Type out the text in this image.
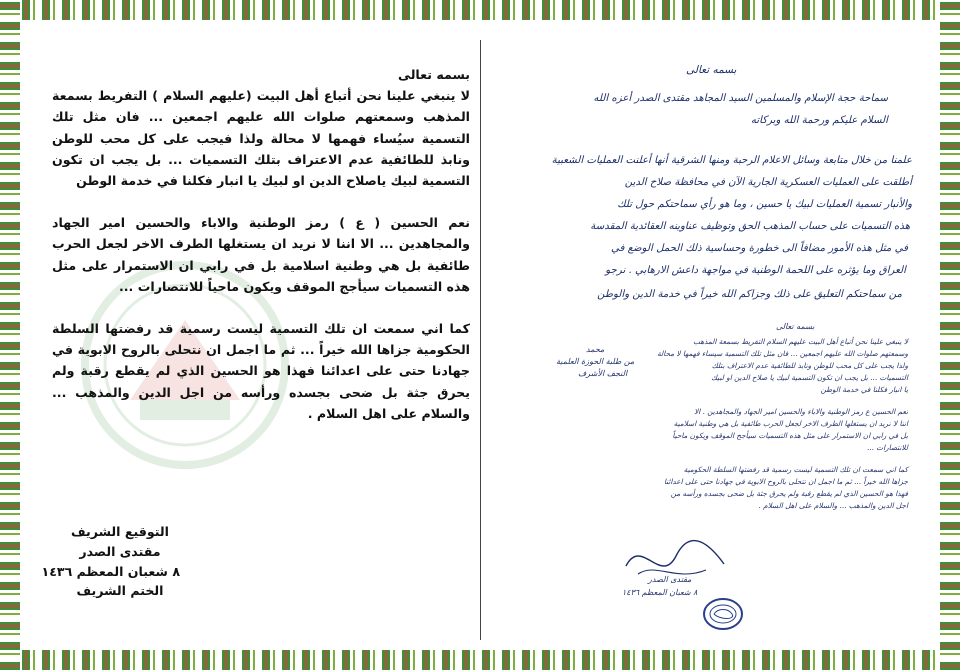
بسمه تعالى

لا ينبغي علينا نحن أتباع أهل البيت (عليهم السلام ) التفريط بسمعة المذهب وسمعتهم صلوات الله عليهم اجمعين ... فان مثل تلك التسمية سيُساء فهمها لا محالة ولذا فيجب على كل محب للوطن ونابذ للطائفية عدم الاعتراف بتلك التسميات ... بل يجب ان تكون التسمية لبيك ياصلاح الدين او لبيك يا انبار فكلنا في خدمة الوطن

نعم الحسين ( ع ) رمز الوطنية والاباء والحسين امير الجهاد والمجاهدين ... الا اننا لا نريد ان يستغلها الطرف الاخر لجعل الحرب طائفية بل هي وطنية اسلامية بل في رابي ان الاستمرار على مثل هذه التسميات سيأجج الموقف ويكون ماحياً للانتصارات ...

كما اني سمعت ان تلك التسمية ليست رسمية قد رفضتها السلطة الحكومية جزاها الله خيراً ... ثم ما اجمل ان نتحلى بالروح الابوية في جهادنا حتى على اعدائنا فهذا هو الحسين الذي لم يقطع رقبة ولم يحرق جثة بل ضحى بجسده ورأسه من اجل الدين والمذهب ... والسلام على اهل السلام .

التوقيع الشريف
مقتدى الصدر
٨ شعبان المعظم ١٤٣٦
الختم الشريف
بسمه تعالى
سماحة حجة الإسلام والمسلمين السيد المجاهد مقتدى الصدر أعزه الله
السلام عليكم ورحمة الله وبركاته
علمنا من خلال متابعة وسائل الاعلام الرحبة ومنها الشرقية أنها أعلنت العمليات الشعبية
أطلقت على العمليات العسكرية الجارية الآن في محافظة صلاح الدين
والأنبار تسمية العمليات لبيك يا حسين ، وما هو رأي سماحتكم حول تلك
هذه التسميات على حساب المذهب الحق وتوظيف عناوينه العقائدية المقدسة
في مثل هذه الأمور مضافاً الى خطورة وحساسية ذلك الحمل الوضع في
العراق وما يؤثره على اللحمة الوطنية في مواجهة داعش الارهابي . نرجو
من سماحتكم التعليق على ذلك وجزاكم الله خيراً في خدمة الدين والوطن
بسمه تعالى
لا ينبغي علينا نحن أتباع أهل البيت عليهم السلام التفريط بسمعة المذهب
وسمعتهم صلوات الله عليهم اجمعين ... فان مثل تلك التسمية سيساء فهمها لا محالة
ولذا يجب على كل محب للوطن ونابذ للطائفية عدم الاعتراف بتلك
التسميات ... بل يجب ان تكون التسمية لبيك يا صلاح الدين او لبيك
يا انبار فكلنا في خدمة الوطن
نعم الحسين ع رمز الوطنية والاباء والحسين امير الجهاد والمجاهدين . الا
اننا لا نريد ان يستغلها الطرف الاخر لجعل الحرب طائفية بل هي وطنية اسلامية
بل في رابي ان الاستمرار على مثل هذه التسميات سيأجج الموقف ويكون ماحياً
للانتصارات ...
كما اني سمعت ان تلك التسمية ليست رسمية قد رفضتها السلطة الحكومية
جزاها الله خيراً ... ثم ما اجمل ان نتحلى بالروح الابوية في جهادنا حتى على اعدائنا
فهذا هو الحسين الذي لم يقطع رقبة ولم يحرق جثة بل ضحى بجسده ورأسه من
اجل الدين والمذهب ... والسلام على اهل السلام .
محمد
من طلبة الحوزة العلمية
النجف الأشرف
مقتدى الصدر
٨ شعبان المعظم ١٤٣٦
